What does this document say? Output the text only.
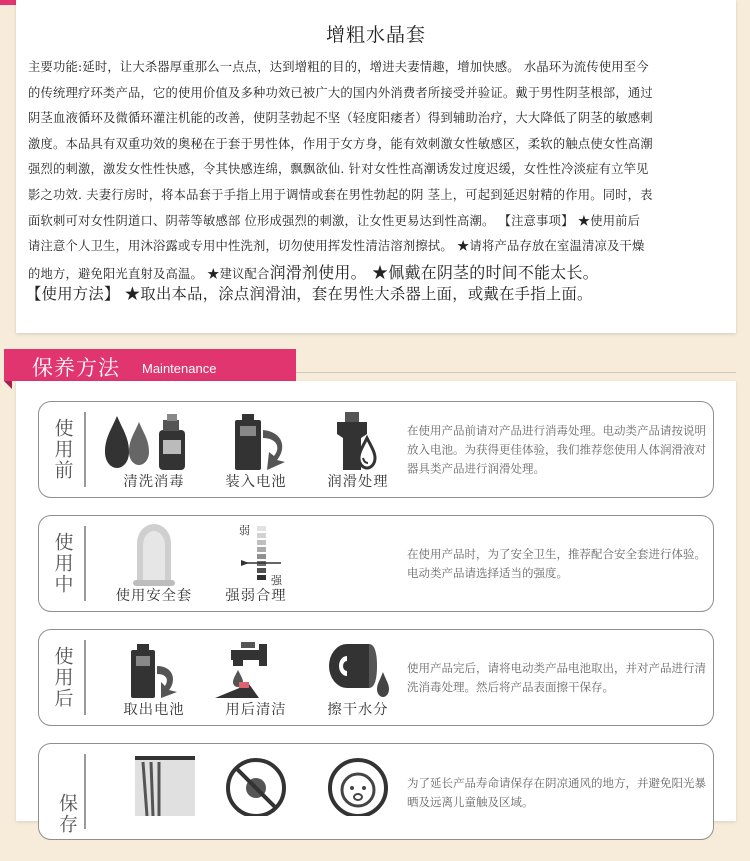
增粗水晶套
主要功能:延时，让大杀器厚重那么一点点，达到增粗的目的，增进夫妻情趣，增加快感。 水晶环为流传使用至今
的传统理疗环类产品，它的使用价值及多种功效已被广大的国内外消费者所接受并验证。戴于男性阴茎根部，通过
阴茎血液循环及微循环灌注机能的改善，使阴茎勃起不坚（轻度阳痿者）得到辅助治疗，大大降低了阴茎的敏感刺
激度。本品具有双重功效的奥秘在于套于男性体，作用于女方身，能有效刺激女性敏感区，柔软的触点使女性高潮
强烈的刺激，激发女性性快感，令其快感连绵，飘飘欲仙. 针对女性性高潮诱发过度迟缓，女性性冷淡症有立竿见
影之功效. 夫妻行房时，将本品套于手指上用于调情或套在男性勃起的阴 茎上，可起到延迟射精的作用。同时，表
面软刺可对女性阴道口、阴蒂等敏感部 位形成强烈的刺激，让女性更易达到性高潮。 【注意事项】 ★使用前后
请注意个人卫生，用沐浴露或专用中性洗剂，切勿使用挥发性清洁溶剂擦拭。 ★请将产品存放在室温清凉及干燥
的地方，避免阳光直射及高温。 ★建议配合润滑剂使用。 ★佩戴在阴茎的时间不能太长。
【使用方法】 ★取出本品，涂点润滑油，套在男性大杀器上面，或戴在手指上面。
保养方法 Maintenance
使用前
清洗消毒	装入电池	润滑处理
在使用产品前请对产品进行消毒处理。电动类产品请按说明放入电池。为获得更佳体验，我们推荐您使用人体润滑液对器具类产品进行润滑处理。
使用中
使用安全套
弱
强
强弱合理
在使用产品时，为了安全卫生，推荐配合安全套进行体验。电动类产品请选择适当的强度。
使用后
取出电池	用后清洁	擦干水分
使用产品完后，请将电动类产品电池取出，并对产品进行清洗消毒处理。然后将产品表面擦干保存。
保存
为了延长产品寿命请保存在阴凉通风的地方，并避免阳光暴晒及远离儿童触及区域。
